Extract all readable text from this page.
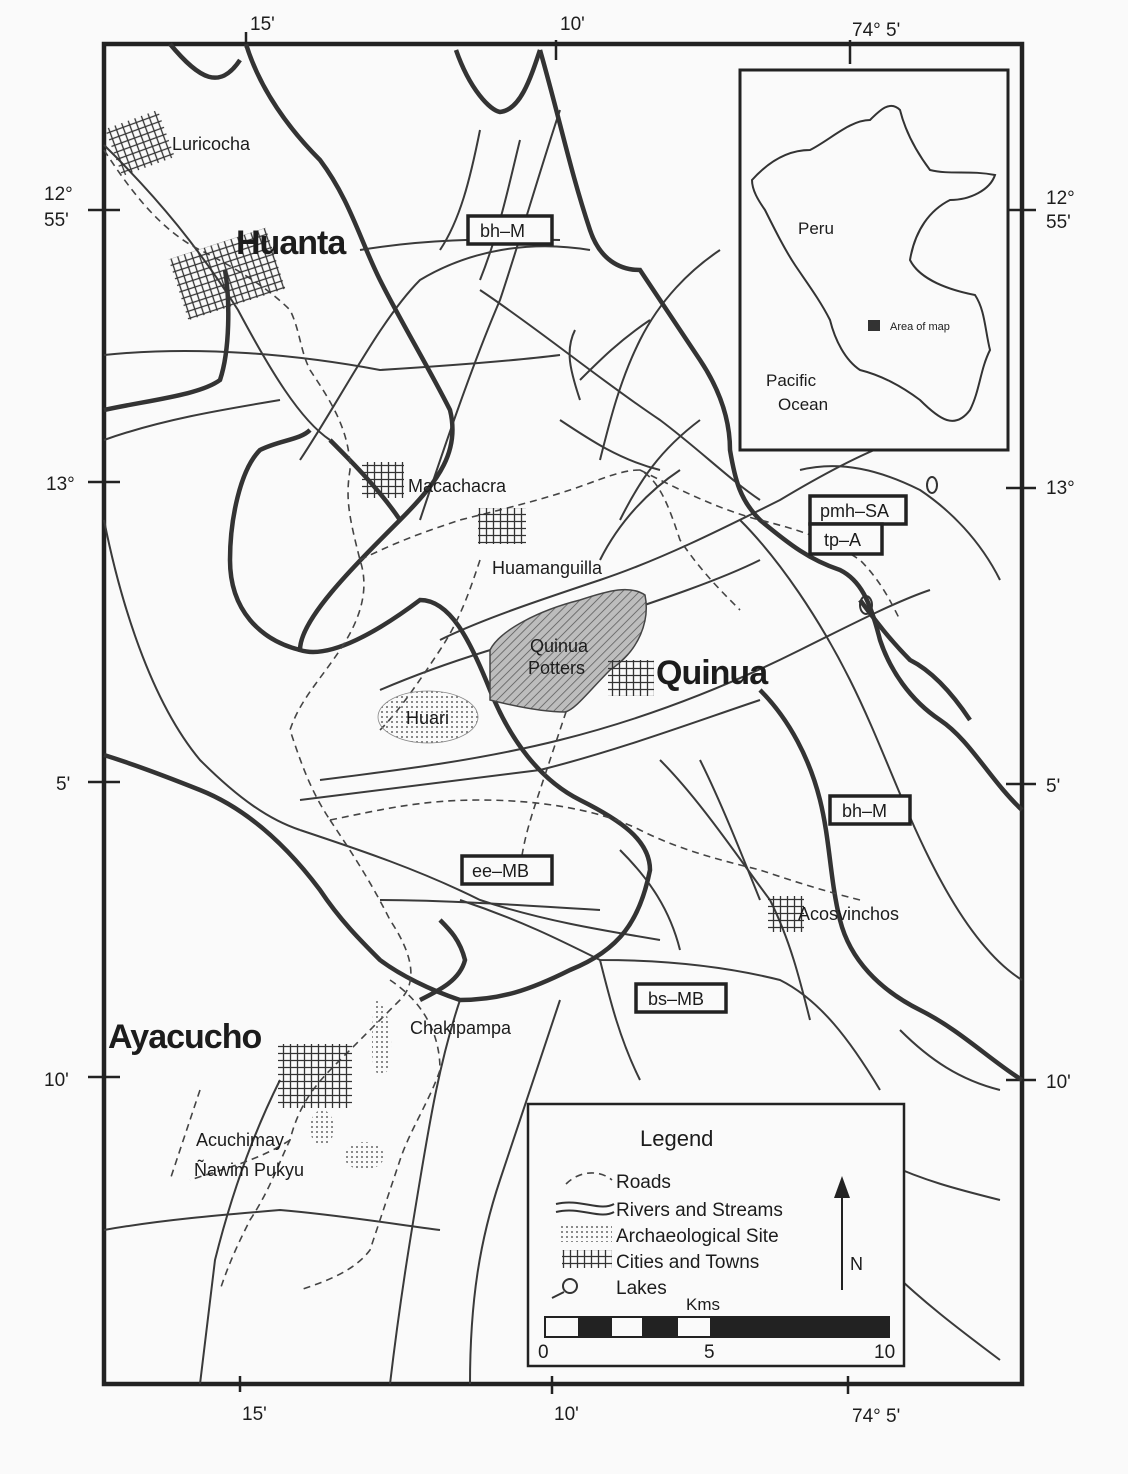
15'	10'	74° 5'
15'	10'	74° 5'
12°
55'
13°
5'
10'
12°
55'
13°
5'
10'
Luricocha
Huanta
Macachacra
Huamanguilla
Quinua
Potters Quinua
Huari
Acosvinchos
Chakipampa
Ayacucho
Acuchimay
Ñawim Pukyu
bh–M
pmh–SA
tp–A
bh–M
ee–MB
bs–MB
Peru
Area of map
Pacific
Ocean
Legend
Roads
Rivers and Streams
Archaeological Site
Cities and Towns
Lakes
N
Kms
0	5	10
